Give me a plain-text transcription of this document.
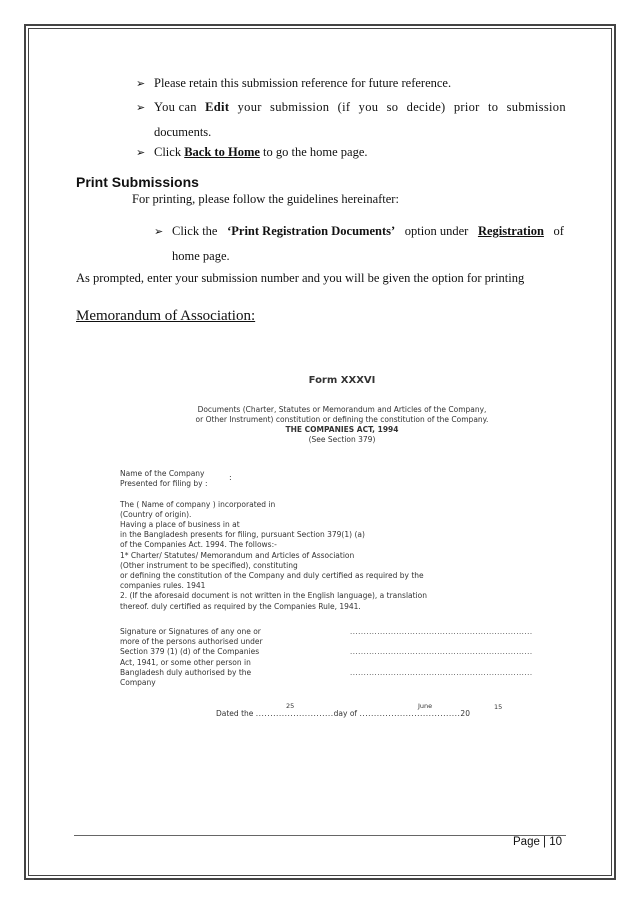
➢ Please retain this submission reference for future reference.
➢ You can Edit your submission (if you so decide) prior to submission
documents.
➢ Click Back to Home to go the home page.
Print Submissions
For printing, please follow the guidelines hereinafter:
➢ Click the ‘Print Registration Documents’ option under Registration of
home page.
As prompted, enter your submission number and you will be given the option for printing
Memorandum of Association:
Form XXXVI
Documents (Charter, Statutes or Memorandum and Articles of the Company,
or Other Instrument) constitution or defining the constitution of the Company.
THE COMPANIES ACT, 1994
(See Section 379)
:
Name of the Company
Presented for filing by :

The ( Name of company ) incorporated in
(Country of origin).
Having a place of business in at
in the Bangladesh presents for filing, pursuant Section 379(1) (a)
of the Companies Act. 1994. The follows:-
1* Charter/ Statutes/ Memorandum and Articles of Association
(Other instrument to be specified), constituting
or defining the constitution of the Company and duly certified as required by the
companies rules. 1941
2. (If the aforesaid document is not written in the English language), a translation
thereof. duly certified as required by the Companies Rule, 1941.
Signature or Signatures of any one or
more of the persons authorised under
Section 379 (1) (d) of the Companies
Act, 1941, or some other person in
Bangladesh duly authorised by the
Company
...................................................................
...................................................................
...................................................................
25	June	15
Dated the ...........................day of ...................................20
Page | 10
